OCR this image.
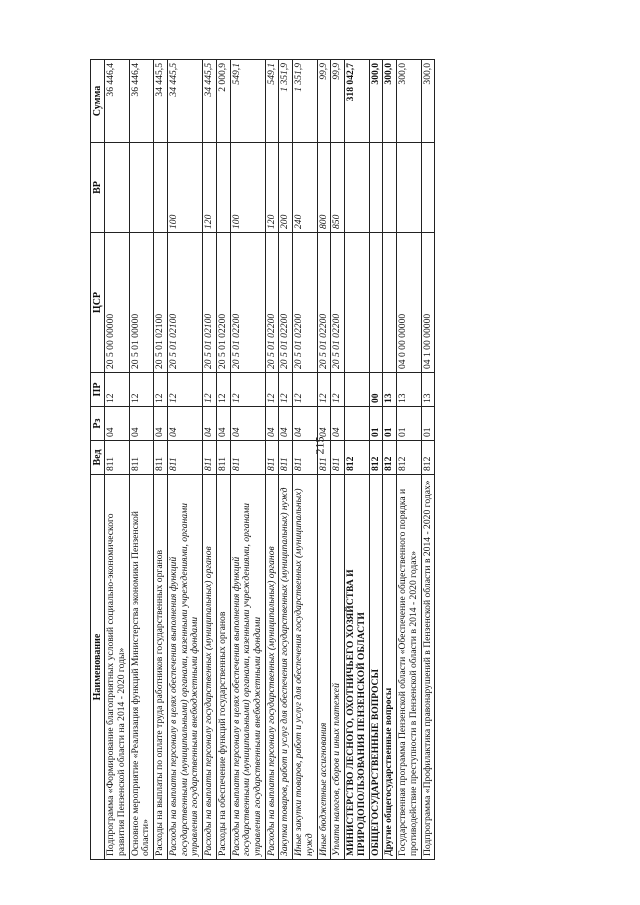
215
Наименование	Вед	Рз	ПР	ЦСР	ВР	Сумма
Подпрограмма «Формирование благоприятных условий социально-экономического развития Пензенской области на 2014 - 2020 годы»	811	04	12	20 5 00 00000		36 446,4
Основное мероприятие «Реализация функций Министерства экономики Пензенской области»	811	04	12	20 5 01 00000		36 446,4
Расходы на выплаты по оплате труда работников государственных органов	811	04	12	20 5 01 02100		34 445,5
Расходы на выплаты персоналу в целях обеспечения выполнения функций государственными (муниципальными) органами, казенными учреждениями, органами управления государственными внебюджетными фондами	811	04	12	20 5 01 02100	100	34 445,5
Расходы на выплаты персоналу государственных (муниципальных) органов	811	04	12	20 5 01 02100	120	34 445,5
Расходы на обеспечение функций государственных органов	811	04	12	20 5 01 02200		2 000,9
Расходы на выплаты персоналу в целях обеспечения выполнения функций государственными (муниципальными) органами, казенными учреждениями, органами управления государственными внебюджетными фондами	811	04	12	20 5 01 02200	100	549,1
Расходы на выплаты персоналу государственных (муниципальных) органов	811	04	12	20 5 01 02200	120	549,1
Закупка товаров, работ и услуг для обеспечения государственных (муниципальных) нужд	811	04	12	20 5 01 02200	200	1 351,9
Иные закупки товаров, работ и услуг для обеспечения государственных (муниципальных) нужд	811	04	12	20 5 01 02200	240	1 351,9
Иные бюджетные ассигнования	811	04	12	20 5 01 02200	800	99,9
Уплата налогов, сборов и иных платежей	811	04	12	20 5 01 02200	850	99,9
МИНИСТЕРСТВО ЛЕСНОГО, ОХОТНИЧЬЕГО ХОЗЯЙСТВА И ПРИРОДОПОЛЬЗОВАНИЯ ПЕНЗЕНСКОЙ ОБЛАСТИ	812					318 042,7
ОБЩЕГОСУДАРСТВЕННЫЕ ВОПРОСЫ	812	01	00			300,0
Другие общегосударственные вопросы	812	01	13			300,0
Государственная программа Пензенской области «Обеспечение общественного порядка и противодействие преступности в Пензенской области в 2014 - 2020 годах»	812	01	13	04 0 00 00000		300,0
Подпрограмма «Профилактика правонарушений в Пензенской области в 2014 - 2020 годах»	812	01	13	04 1 00 00000		300,0
